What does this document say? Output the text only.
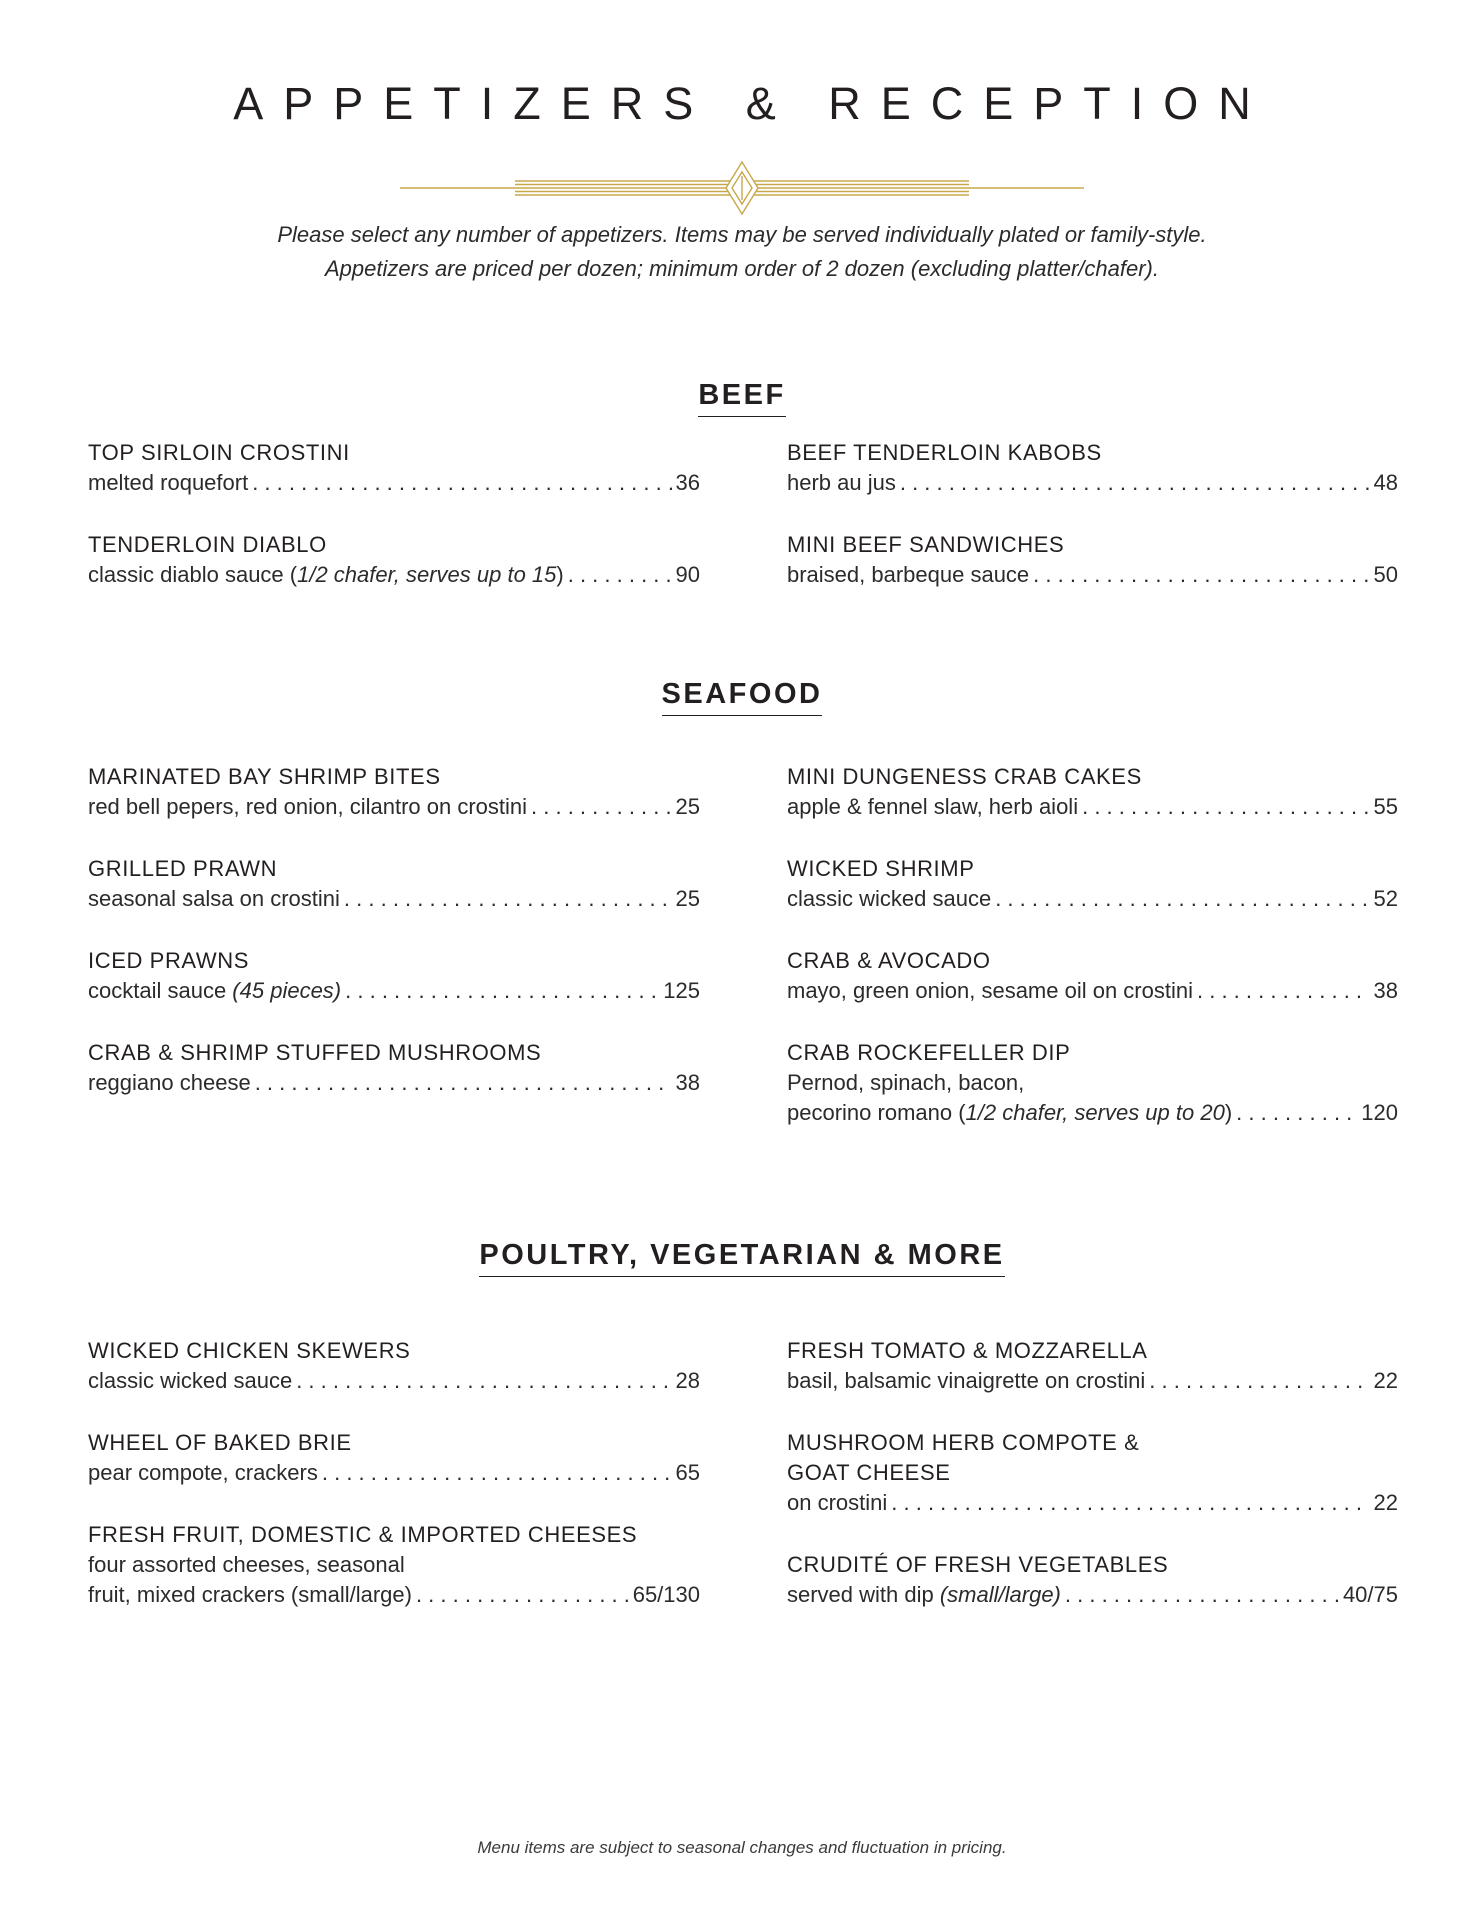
APPETIZERS & RECEPTION
Please select any number of appetizers. Items may be served individually plated or family-style.
Appetizers are priced per dozen; minimum order of 2 dozen (excluding platter/chafer).
BEEF
TOP SIRLOIN CROSTINI
melted roquefort . . .	36
TENDERLOIN DIABLO
classic diablo sauce (1/2 chafer, serves up to 15) . . .	90
BEEF TENDERLOIN KABOBS
herb au jus . . .	48
MINI BEEF SANDWICHES
braised, barbeque sauce . . .	50
SEAFOOD
MARINATED BAY SHRIMP BITES
red bell pepers, red onion, cilantro on crostini . . .	25
GRILLED PRAWN
seasonal salsa on crostini . . .	25
ICED PRAWNS
cocktail sauce (45 pieces) . . .	125
CRAB & SHRIMP STUFFED MUSHROOMS
reggiano cheese . . .	38
MINI DUNGENESS CRAB CAKES
apple & fennel slaw, herb aioli . . .	55
WICKED SHRIMP
classic wicked sauce . . .	52
CRAB & AVOCADO
mayo, green onion, sesame oil on crostini . . .	38
CRAB ROCKEFELLER DIP
Pernod, spinach, bacon,
pecorino romano (1/2 chafer, serves up to 20) . . .	120
POULTRY, VEGETARIAN & MORE
WICKED CHICKEN SKEWERS
classic wicked sauce . . .	28
WHEEL OF BAKED BRIE
pear compote, crackers . . .	65
FRESH FRUIT, DOMESTIC & IMPORTED CHEESES
four assorted cheeses, seasonal
fruit, mixed crackers (small/large) . . .	65/130
FRESH TOMATO & MOZZARELLA
basil, balsamic vinaigrette on crostini . . .	22
MUSHROOM HERB COMPOTE &
GOAT CHEESE
on crostini . . .	22
CRUDITÉ OF FRESH VEGETABLES
served with dip (small/large) . . .	40/75
Menu items are subject to seasonal changes and fluctuation in pricing.
